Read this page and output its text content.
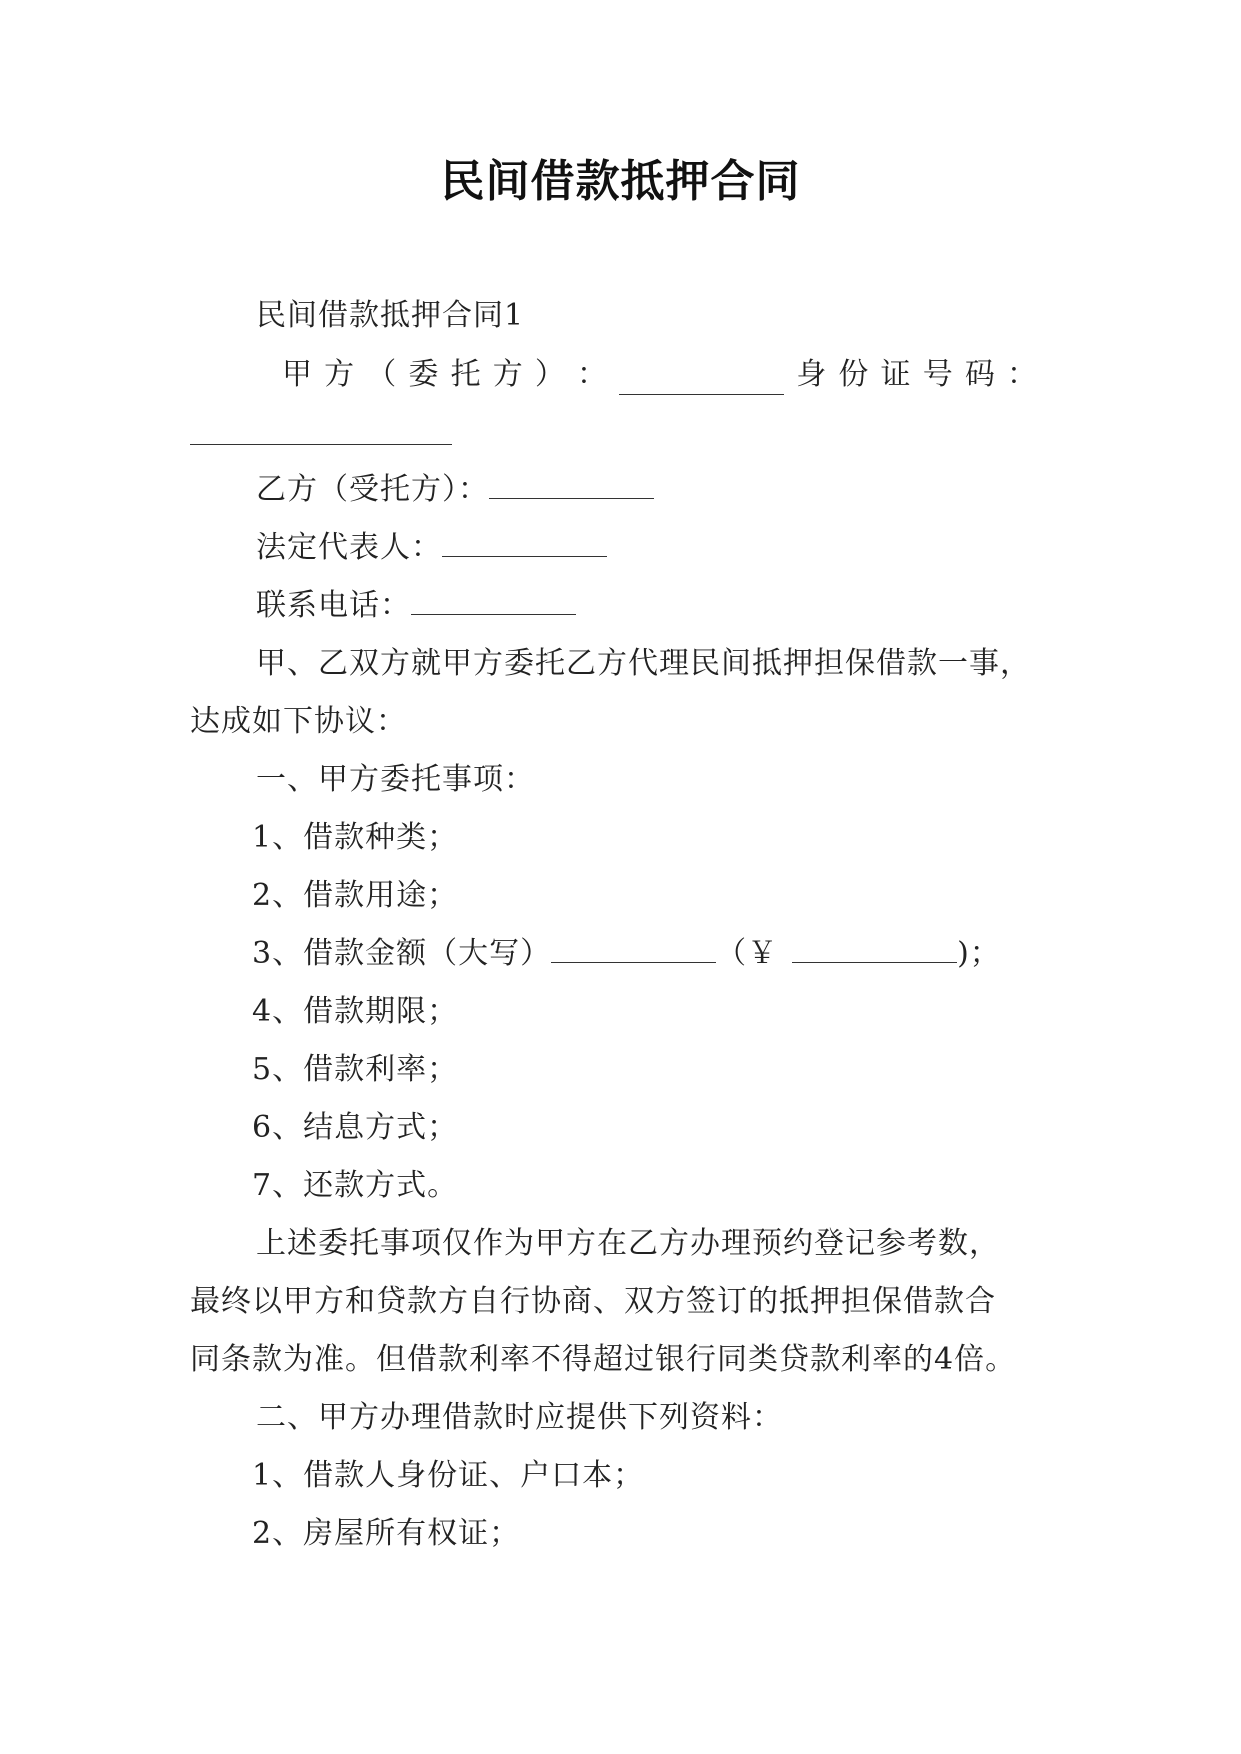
民间借款抵押合同

民间借款抵押合同1

甲 方 （ 委 托 方 ） ：	身 份 证 号 码 ：

乙方（受托方）：

法定代表人：

联系电话：

甲、乙双方就甲方委托乙方代理民间抵押担保借款一事，

达成如下协议：

一、甲方委托事项：

1、借款种类；

2、借款用途；

3、借款金额（大写）	（￥	)；

4、借款期限；

5、借款利率；

6、结息方式；

7、还款方式。

上述委托事项仅作为甲方在乙方办理预约登记参考数，

最终以甲方和贷款方自行协商、双方签订的抵押担保借款合

同条款为准。但借款利率不得超过银行同类贷款利率的4倍。

二、甲方办理借款时应提供下列资料：

1、借款人身份证、户口本；

2、房屋所有权证；
